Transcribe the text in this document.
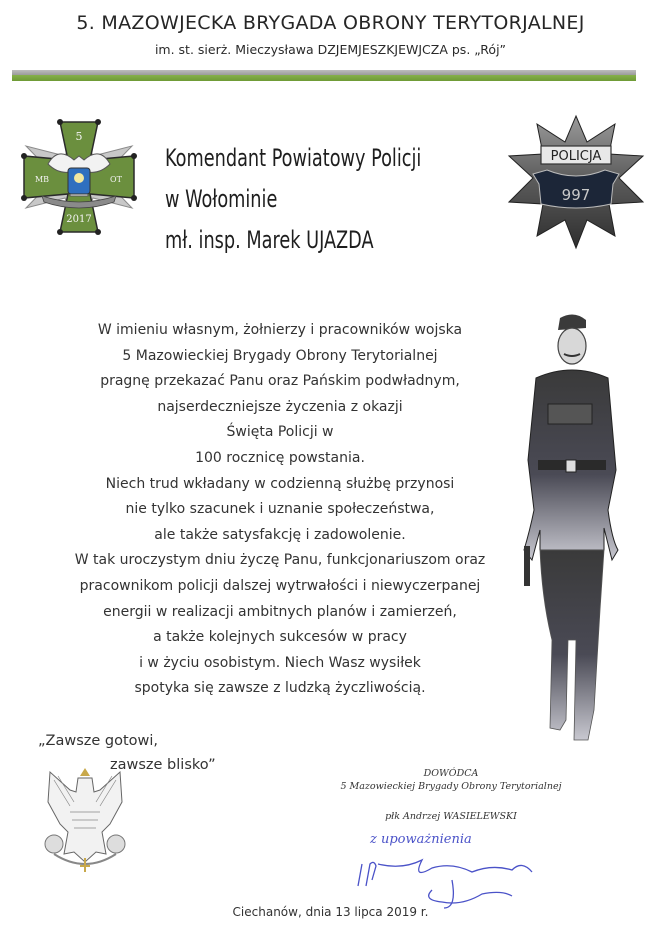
5. MAZOWJECKA BRYGADA OBRONY TERYTORJALNEJ
im. st. sierż. Mieczysława DZJEMJESZKJEWJCZA ps. „Rój”
5
2017
MB	OT
Komendant Powiatowy Policji
w Wołominie
mł. insp. Marek UJAZDA
POLICJA
997
W imieniu własnym, żołnierzy i pracowników wojska
5 Mazowieckiej Brygady Obrony Terytorialnej
pragnę przekazać Panu oraz Pańskim podwładnym,
najserdeczniejsze życzenia z okazji
Święta Policji w
100 rocznicę powstania.
Niech trud wkładany w codzienną służbę przynosi
nie tylko szacunek i uznanie społeczeństwa,
ale także satysfakcję i zadowolenie.
W tak uroczystym dniu życzę Panu, funkcjonariuszom oraz
pracownikom policji dalszej wytrwałości i niewyczerpanej
energii w realizacji ambitnych planów i zamierzeń,
a także kolejnych sukcesów w pracy
i w życiu osobistym. Niech Wasz wysiłek
spotyka się zawsze z ludzką życzliwością.
„Zawsze gotowi,
zawsze blisko”
DOWÓDCA
5 Mazowieckiej Brygady Obrony Terytorialnej
płk Andrzej WASIELEWSKI
z upoważnienia
Ciechanów, dnia 13 lipca 2019 r.
